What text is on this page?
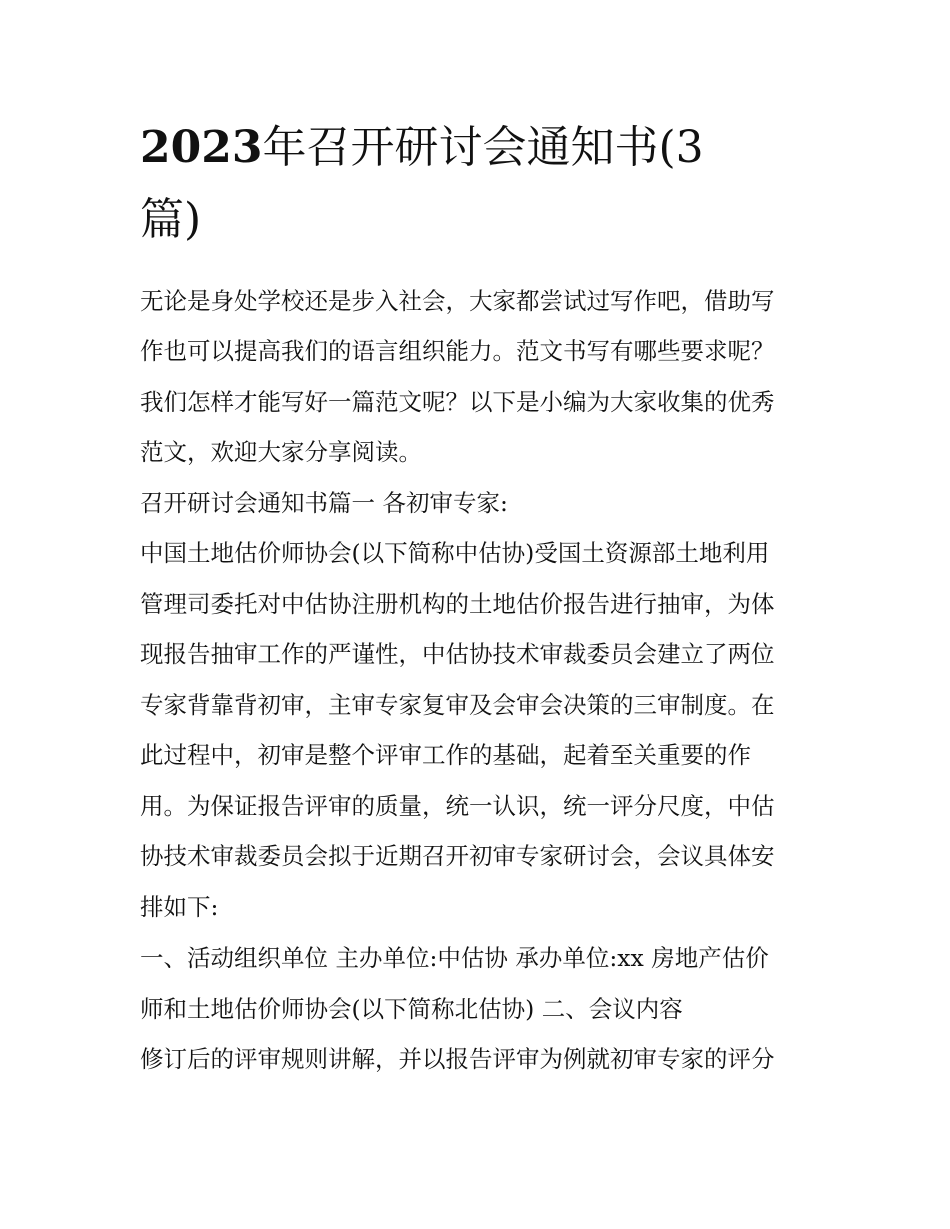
2023年召开研讨会通知书(3
篇)
无论是身处学校还是步入社会，大家都尝试过写作吧，借助写
作也可以提高我们的语言组织能力。范文书写有哪些要求呢？
我们怎样才能写好一篇范文呢？以下是小编为大家收集的优秀
范文，欢迎大家分享阅读。
召开研讨会通知书篇一 各初审专家:
中国土地估价师协会(以下简称中估协)受国土资源部土地利用
管理司委托对中估协注册机构的土地估价报告进行抽审，为体
现报告抽审工作的严谨性，中估协技术审裁委员会建立了两位
专家背靠背初审，主审专家复审及会审会决策的三审制度。在
此过程中，初审是整个评审工作的基础，起着至关重要的作
用。为保证报告评审的质量，统一认识，统一评分尺度，中估
协技术审裁委员会拟于近期召开初审专家研讨会，会议具体安
排如下:
一、活动组织单位 主办单位:中估协 承办单位:xx 房地产估价
师和土地估价师协会(以下简称北估协) 二、会议内容
修订后的评审规则讲解，并以报告评审为例就初审专家的评分
